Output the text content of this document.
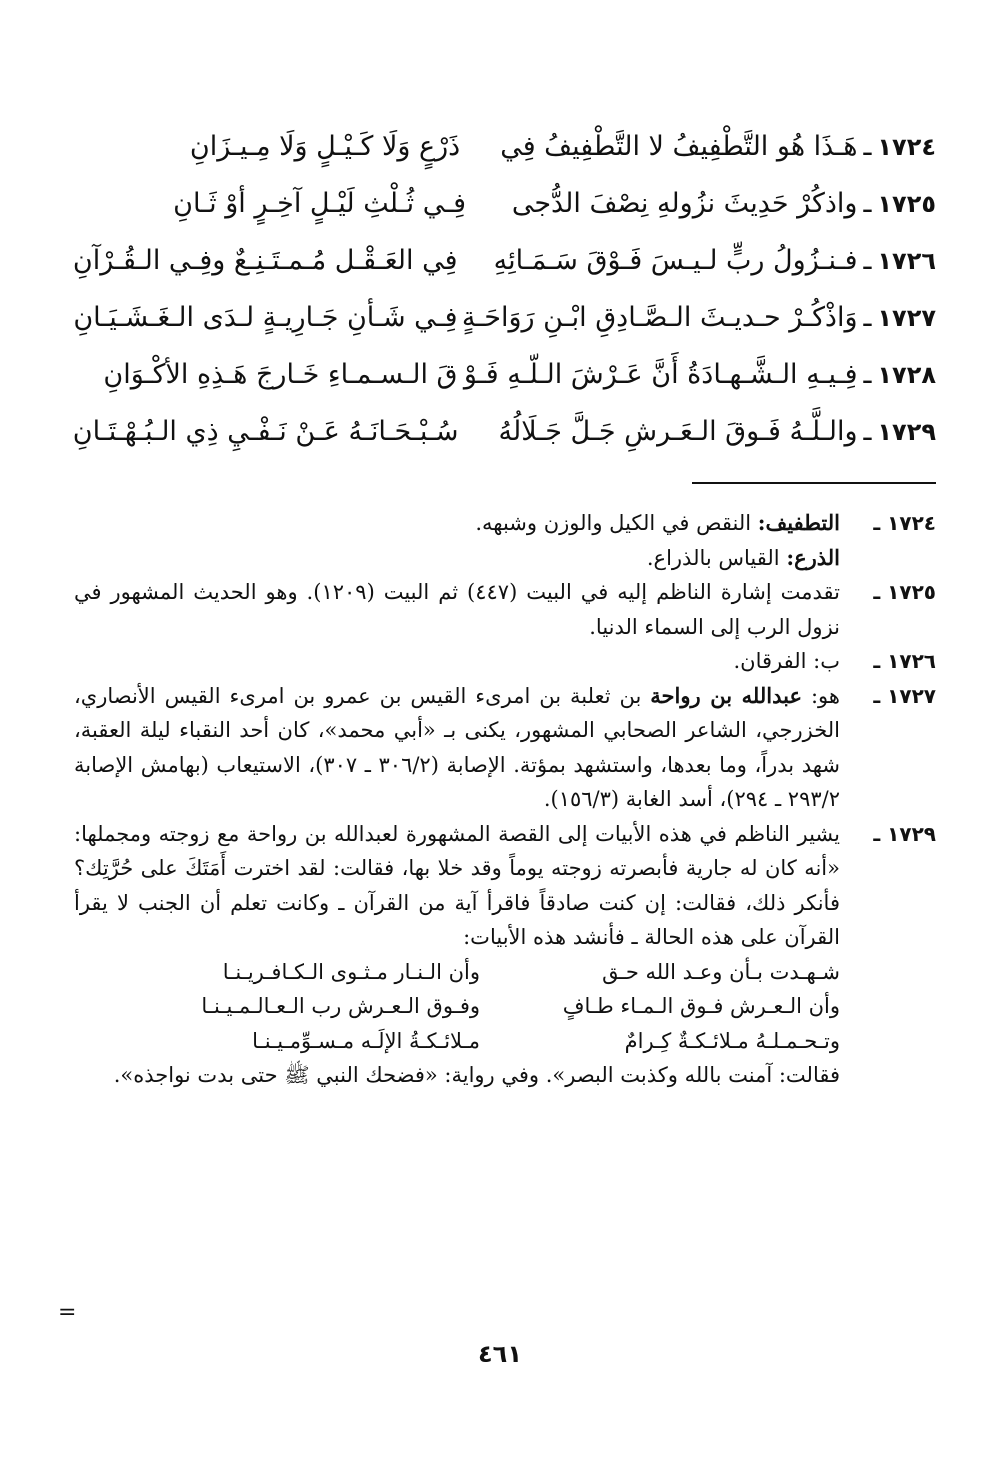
١٧٢٤
ـ
هَـذَا هُو التَّطْفِيفُ لا التَّطْفِيفُ فِي
ذَرْعٍ وَلَا كَـيْـلٍ وَلَا مِـيـزَانِ
١٧٢٥
ـ
واذكُرْ حَدِيثَ نزُولهِ نِصْفَ الدُّجى
فِـي ثُـلْثِ لَيْـلٍ آخِـرٍ أوْ ثَـانِ
١٧٢٦
ـ
فـنـزُولُ ربٍّ لـيـسَ فَـوْقَ سَـمَـائِهِ
فِي العَـقْـل مُـمـتَـنِـعٌ وفِـي الـقُـرْآنِ
١٧٢٧
ـ
وَاذْكُـرْ حـديـثَ الـصَّـادِقِ ابْـنِ رَوَاحَـةٍ
فِـي شَـأنِ جَـارِيـةٍ لـدَى الـغَـشَـيَـانِ
١٧٢٨
ـ
فِـيـهِ الـشَّـهـادَةُ أَنَّ عَـرْشَ الـلّـهِ فَـوْ
قَ الـسـمـاءِ خَـارجَ هَـذِهِ الأكْـوَانِ
١٧٢٩
ـ
والـلَّـهُ فَـوقَ الـعَـرشِ جَـلَّ جَـلَالُهُ
سُـبْـحَـانَـهُ عَـنْ نَـفْـيِ ذِي الـبُـهْـتَـانِ
١٧٢٤ ـ
التطفيف: النقص في الكيل والوزن وشبهه.
الذرع: القياس بالذراع.
١٧٢٥ ـ
تقدمت إشارة الناظم إليه في البيت (٤٤٧) ثم البيت (١٢٠٩). وهو الحديث المشهور في نزول الرب إلى السماء الدنيا.
١٧٢٦ ـ
ب: الفرقان.
١٧٢٧ ـ
هو: عبدالله بن رواحة بن ثعلبة بن امرىء القيس بن عمرو بن امرىء القيس الأنصاري، الخزرجي، الشاعر الصحابي المشهور، يكنى بـ «أبي محمد»، كان أحد النقباء ليلة العقبة، شهد بدراً، وما بعدها، واستشهد بمؤتة. الإصابة (٣٠٦/٢ ـ ٣٠٧)، الاستيعاب (بهامش الإصابة ٢٩٣/٢ ـ ٢٩٤)، أسد الغابة (١٥٦/٣).
١٧٢٩ ـ
يشير الناظم في هذه الأبيات إلى القصة المشهورة لعبدالله بن رواحة مع زوجته ومجملها: «أنه كان له جارية فأبصرته زوجته يوماً وقد خلا بها، فقالت: لقد اخترت أَمَتَكَ على حُرَّتِك؟ فأنكر ذلك، فقالت: إن كنت صادقاً فاقرأ آية من القرآن ـ وكانت تعلم أن الجنب لا يقرأ القرآن على هذه الحالة ـ فأنشد هذه الأبيات:
شـهـدت بـأن وعـد الله حـق
وأن الـنـار مـثـوى الـكـافـريـنـا
وأن الـعـرش فـوق الـمـاء طـافٍ
وفـوق الـعـرش رب الـعـالـمـيـنـا
وتـحـمـلـهُ مـلائـكـةٌ كِـرامٌ
مـلائـكـةُ الإلَـه مـسـوِّمـيـنـا
فقالت: آمنت بالله وكذبت البصر». وفي رواية: «فضحك النبي ﷺ حتى بدت نواجذه».
=
٤٦١
